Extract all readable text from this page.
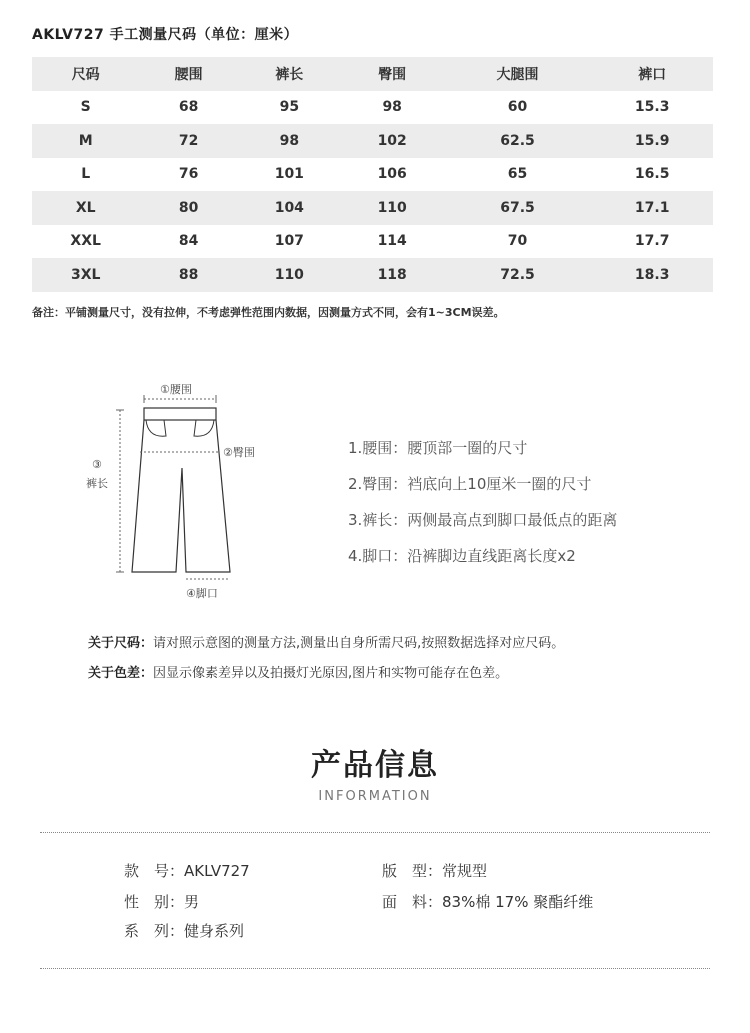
AKLV727 手工测量尺码（单位：厘米）
尺码	腰围	裤长	臀围	大腿围	裤口
S	68	95	98	60	15.3
M	72	98	102	62.5	15.9
L	76	101	106	65	16.5
XL	80	104	110	67.5	17.1
XXL	84	107	114	70	17.7
3XL	88	110	118	72.5	18.3
备注：平铺测量尺寸，没有拉伸，不考虑弹性范围内数据，因测量方式不同，会有1~3CM误差。
①腰围
②臀围
③
裤长
④脚口
1.腰围：腰顶部一圈的尺寸
2.臀围：裆底向上10厘米一圈的尺寸
3.裤长：两侧最高点到脚口最低点的距离
4.脚口：沿裤脚边直线距离长度x2
关于尺码：请对照示意图的测量方法,测量出自身所需尺码,按照数据选择对应尺码。
关于色差：因显示像素差异以及拍摄灯光原因,图片和实物可能存在色差。
产品信息
INFORMATION
款　号：AKLV727
性　别：男
系　列：健身系列
版　型：常规型
面　料：83%棉 17% 聚酯纤维
